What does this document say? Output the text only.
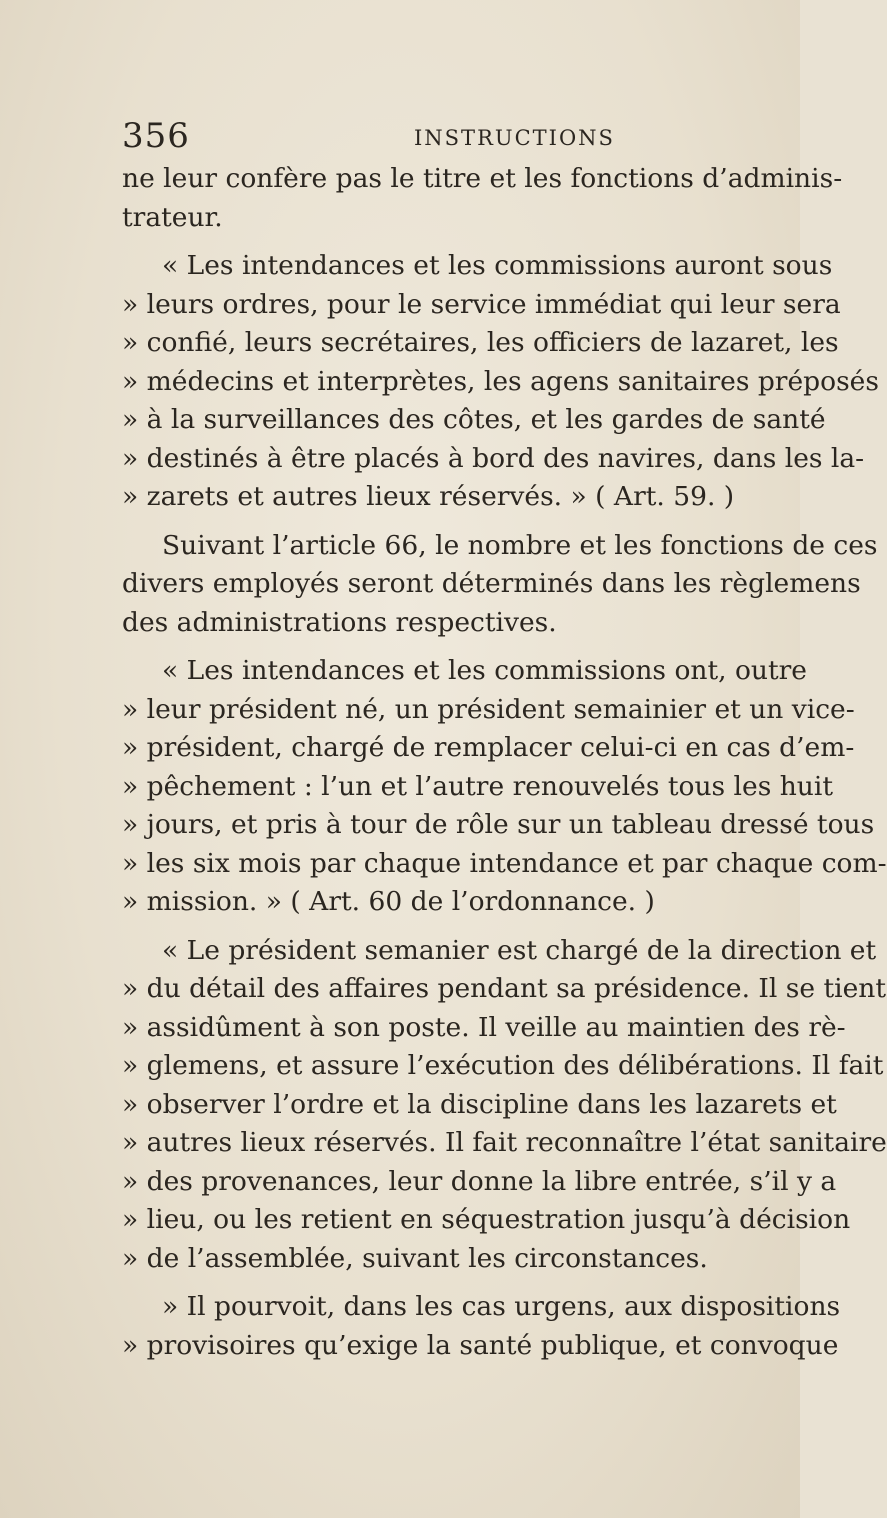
356	INSTRUCTIONS
ne leur confère pas le titre et les fonctions d’adminis-
trateur.
« Les intendances et les commissions auront sous
» leurs ordres, pour le service immédiat qui leur sera
» confié, leurs secrétaires, les officiers de lazaret, les
» médecins et interprètes, les agens sanitaires préposés
» à la surveillances des côtes, et les gardes de santé
» destinés à être placés à bord des navires, dans les la-
» zarets et autres lieux réservés. » ( Art. 59. )
Suivant l’article 66, le nombre et les fonctions de ces
divers employés seront déterminés dans les règlemens
des administrations respectives.
« Les intendances et les commissions ont, outre
» leur président né, un président semainier et un vice-
» président, chargé de remplacer celui-ci en cas d’em-
» pêchement : l’un et l’autre renouvelés tous les huit
» jours, et pris à tour de rôle sur un tableau dressé tous
» les six mois par chaque intendance et par chaque com-
» mission. » ( Art. 60 de l’ordonnance. )
« Le président semanier est chargé de la direction et
» du détail des affaires pendant sa présidence. Il se tient
» assidûment à son poste. Il veille au maintien des rè-
» glemens, et assure l’exécution des délibérations. Il fait
» observer l’ordre et la discipline dans les lazarets et
» autres lieux réservés. Il fait reconnaître l’état sanitaire
» des provenances, leur donne la libre entrée, s’il y a
» lieu, ou les retient en séquestration jusqu’à décision
» de l’assemblée, suivant les circonstances.
» Il pourvoit, dans les cas urgens, aux dispositions
» provisoires qu’exige la santé publique, et convoque
